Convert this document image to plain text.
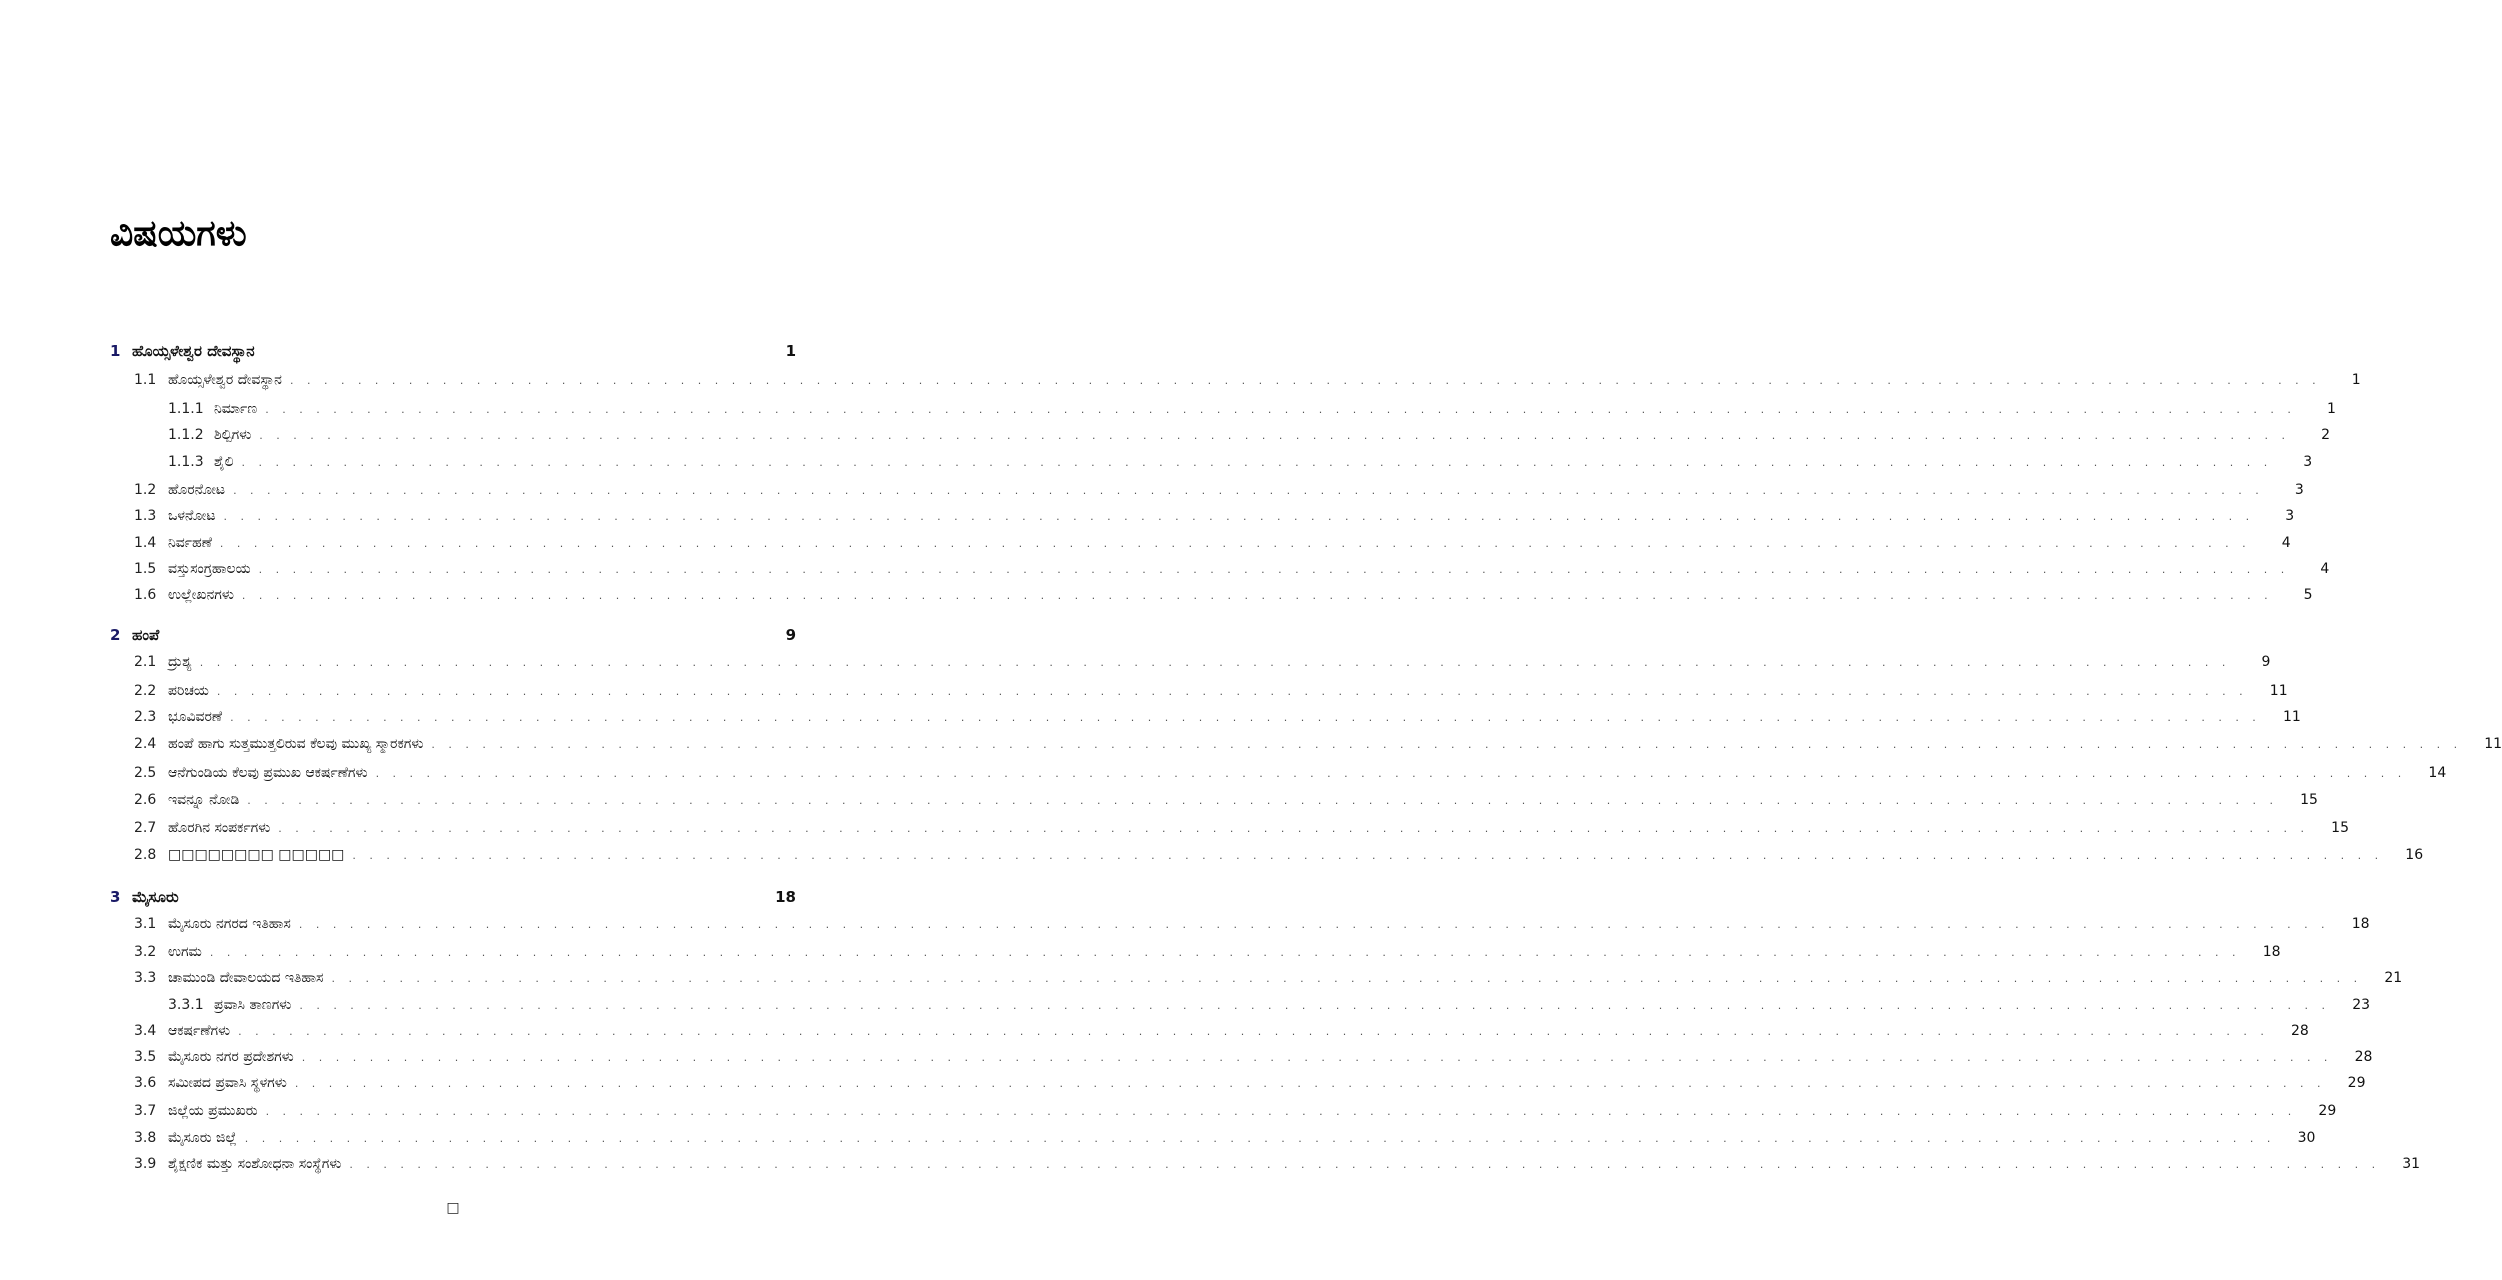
ವಿಷಯಗಳು
1 ಹೊಯ್ಸಳೇಶ್ವರ ದೇವಸ್ಥಾನ	1
1.1 ಹೊಯ್ಸಳೇಶ್ವರ ದೇವಸ್ಥಾನ . . . . . . . . . . . . . . . . . . . . . . . . . . . . . . . . . . . . . . . . . . . . . . . . . . . . . . . . . . . . . . . . . . . . . . . . . . . . . . . . . . . . . . . . . . . . . . . . . . . . . . . . . . . . . . . . . . . . . . . .	1
1.1.1 ನಿರ್ಮಾಣ . . . . . . . . . . . . . . . . . . . . . . . . . . . . . . . . . . . . . . . . . . . . . . . . . . . . . . . . . . . . . . . . . . . . . . . . . . . . . . . . . . . . . . . . . . . . . . . . . . . . . . . . . . . . . . . . . . . . . . . .	1
1.1.2 ಶಿಲ್ಪಿಗಳು . . . . . . . . . . . . . . . . . . . . . . . . . . . . . . . . . . . . . . . . . . . . . . . . . . . . . . . . . . . . . . . . . . . . . . . . . . . . . . . . . . . . . . . . . . . . . . . . . . . . . . . . . . . . . . . . . . . . . . . .	2
1.1.3 ಶೈಲಿ . . . . . . . . . . . . . . . . . . . . . . . . . . . . . . . . . . . . . . . . . . . . . . . . . . . . . . . . . . . . . . . . . . . . . . . . . . . . . . . . . . . . . . . . . . . . . . . . . . . . . . . . . . . . . . . . . . . . . . . .	3
1.2 ಹೊರನೋಟ . . . . . . . . . . . . . . . . . . . . . . . . . . . . . . . . . . . . . . . . . . . . . . . . . . . . . . . . . . . . . . . . . . . . . . . . . . . . . . . . . . . . . . . . . . . . . . . . . . . . . . . . . . . . . . . . . . . . . . . .	3
1.3 ಒಳನೋಟ . . . . . . . . . . . . . . . . . . . . . . . . . . . . . . . . . . . . . . . . . . . . . . . . . . . . . . . . . . . . . . . . . . . . . . . . . . . . . . . . . . . . . . . . . . . . . . . . . . . . . . . . . . . . . . . . . . . . . . . .	3
1.4 ನಿರ್ವಹಣೆ . . . . . . . . . . . . . . . . . . . . . . . . . . . . . . . . . . . . . . . . . . . . . . . . . . . . . . . . . . . . . . . . . . . . . . . . . . . . . . . . . . . . . . . . . . . . . . . . . . . . . . . . . . . . . . . . . . . . . . . .	4
1.5 ವಸ್ತುಸಂಗ್ರಹಾಲಯ . . . . . . . . . . . . . . . . . . . . . . . . . . . . . . . . . . . . . . . . . . . . . . . . . . . . . . . . . . . . . . . . . . . . . . . . . . . . . . . . . . . . . . . . . . . . . . . . . . . . . . . . . . . . . . . . . . . . . . . .	4
1.6 ಉಲ್ಲೇಖನಗಳು . . . . . . . . . . . . . . . . . . . . . . . . . . . . . . . . . . . . . . . . . . . . . . . . . . . . . . . . . . . . . . . . . . . . . . . . . . . . . . . . . . . . . . . . . . . . . . . . . . . . . . . . . . . . . . . . . . . . . . . .	5
2 ಹಂಪೆ	9
2.1 ದ್ರುಶ್ಯ . . . . . . . . . . . . . . . . . . . . . . . . . . . . . . . . . . . . . . . . . . . . . . . . . . . . . . . . . . . . . . . . . . . . . . . . . . . . . . . . . . . . . . . . . . . . . . . . . . . . . . . . . . . . . . . . . . . . . . . .	9
2.2 ಪರಿಚಯ . . . . . . . . . . . . . . . . . . . . . . . . . . . . . . . . . . . . . . . . . . . . . . . . . . . . . . . . . . . . . . . . . . . . . . . . . . . . . . . . . . . . . . . . . . . . . . . . . . . . . . . . . . . . . . . . . . . . . . . .	11
2.3 ಭೂವಿವರಣೆ . . . . . . . . . . . . . . . . . . . . . . . . . . . . . . . . . . . . . . . . . . . . . . . . . . . . . . . . . . . . . . . . . . . . . . . . . . . . . . . . . . . . . . . . . . . . . . . . . . . . . . . . . . . . . . . . . . . . . . . .	11
2.4 ಹಂಪೆ ಹಾಗು ಸುತ್ತಮುತ್ತಲಿರುವ ಕೆಲವು ಮುಖ್ಯ ಸ್ಮಾರಕಗಳು . . . . . . . . . . . . . . . . . . . . . . . . . . . . . . . . . . . . . . . . . . . . . . . . . . . . . . . . . . . . . . . . . . . . . . . . . . . . . . . . . . . . . . . . . . . . . . . . . . . . . . . . . . . . . . . . . . . . . . . .	11
2.5 ಆನೆಗುಂಡಿಯ ಕೆಲವು ಪ್ರಮುಖ ಆಕರ್ಷಣೆಗಳು . . . . . . . . . . . . . . . . . . . . . . . . . . . . . . . . . . . . . . . . . . . . . . . . . . . . . . . . . . . . . . . . . . . . . . . . . . . . . . . . . . . . . . . . . . . . . . . . . . . . . . . . . . . . . . . . . . . . . . . .	14
2.6 ಇವನ್ನೂ ನೋಡಿ . . . . . . . . . . . . . . . . . . . . . . . . . . . . . . . . . . . . . . . . . . . . . . . . . . . . . . . . . . . . . . . . . . . . . . . . . . . . . . . . . . . . . . . . . . . . . . . . . . . . . . . . . . . . . . . . . . . . . . . .	15
2.7 ಹೊರಗಿನ ಸಂಪರ್ಕಗಳು . . . . . . . . . . . . . . . . . . . . . . . . . . . . . . . . . . . . . . . . . . . . . . . . . . . . . . . . . . . . . . . . . . . . . . . . . . . . . . . . . . . . . . . . . . . . . . . . . . . . . . . . . . . . . . . . . . . . . . . .	15
2.8 □□□□□□□□ □□□□□ . . . . . . . . . . . . . . . . . . . . . . . . . . . . . . . . . . . . . . . . . . . . . . . . . . . . . . . . . . . . . . . . . . . . . . . . . . . . . . . . . . . . . . . . . . . . . . . . . . . . . . . . . . . . . . . . . . . . . . . .	16
3 ಮೈಸೂರು	18
3.1 ಮೈಸೂರು ನಗರದ ಇತಿಹಾಸ . . . . . . . . . . . . . . . . . . . . . . . . . . . . . . . . . . . . . . . . . . . . . . . . . . . . . . . . . . . . . . . . . . . . . . . . . . . . . . . . . . . . . . . . . . . . . . . . . . . . . . . . . . . . . . . . . . . . . . . .	18
3.2 ಉಗಮ . . . . . . . . . . . . . . . . . . . . . . . . . . . . . . . . . . . . . . . . . . . . . . . . . . . . . . . . . . . . . . . . . . . . . . . . . . . . . . . . . . . . . . . . . . . . . . . . . . . . . . . . . . . . . . . . . . . . . . . .	18
3.3 ಚಾಮುಂಡಿ ದೇವಾಲಯದ ಇತಿಹಾಸ . . . . . . . . . . . . . . . . . . . . . . . . . . . . . . . . . . . . . . . . . . . . . . . . . . . . . . . . . . . . . . . . . . . . . . . . . . . . . . . . . . . . . . . . . . . . . . . . . . . . . . . . . . . . . . . . . . . . . . . .	21
3.3.1 ಪ್ರವಾಸಿ ತಾಣಗಳು . . . . . . . . . . . . . . . . . . . . . . . . . . . . . . . . . . . . . . . . . . . . . . . . . . . . . . . . . . . . . . . . . . . . . . . . . . . . . . . . . . . . . . . . . . . . . . . . . . . . . . . . . . . . . . . . . . . . . . . .	23
3.4 ಆಕರ್ಷಣೆಗಳು . . . . . . . . . . . . . . . . . . . . . . . . . . . . . . . . . . . . . . . . . . . . . . . . . . . . . . . . . . . . . . . . . . . . . . . . . . . . . . . . . . . . . . . . . . . . . . . . . . . . . . . . . . . . . . . . . . . . . . . .	28
3.5 ಮೈಸೂರು ನಗರ ಪ್ರದೇಶಗಳು . . . . . . . . . . . . . . . . . . . . . . . . . . . . . . . . . . . . . . . . . . . . . . . . . . . . . . . . . . . . . . . . . . . . . . . . . . . . . . . . . . . . . . . . . . . . . . . . . . . . . . . . . . . . . . . . . . . . . . . .	28
3.6 ಸಮೀಪದ ಪ್ರವಾಸಿ ಸ್ಥಳಗಳು . . . . . . . . . . . . . . . . . . . . . . . . . . . . . . . . . . . . . . . . . . . . . . . . . . . . . . . . . . . . . . . . . . . . . . . . . . . . . . . . . . . . . . . . . . . . . . . . . . . . . . . . . . . . . . . . . . . . . . . .	29
3.7 ಜಿಲ್ಲೆಯ ಪ್ರಮುಖರು . . . . . . . . . . . . . . . . . . . . . . . . . . . . . . . . . . . . . . . . . . . . . . . . . . . . . . . . . . . . . . . . . . . . . . . . . . . . . . . . . . . . . . . . . . . . . . . . . . . . . . . . . . . . . . . . . . . . . . . .	29
3.8 ಮೈಸೂರು ಜಿಲ್ಲೆ . . . . . . . . . . . . . . . . . . . . . . . . . . . . . . . . . . . . . . . . . . . . . . . . . . . . . . . . . . . . . . . . . . . . . . . . . . . . . . . . . . . . . . . . . . . . . . . . . . . . . . . . . . . . . . . . . . . . . . . .	30
3.9 ಶೈಕ್ಷಣಿಕ ಮತ್ತು ಸಂಶೋಧನಾ ಸಂಸ್ಥೆಗಳು . . . . . . . . . . . . . . . . . . . . . . . . . . . . . . . . . . . . . . . . . . . . . . . . . . . . . . . . . . . . . . . . . . . . . . . . . . . . . . . . . . . . . . . . . . . . . . . . . . . . . . . . . . . . . . . . . . . . . . . .	31
□
